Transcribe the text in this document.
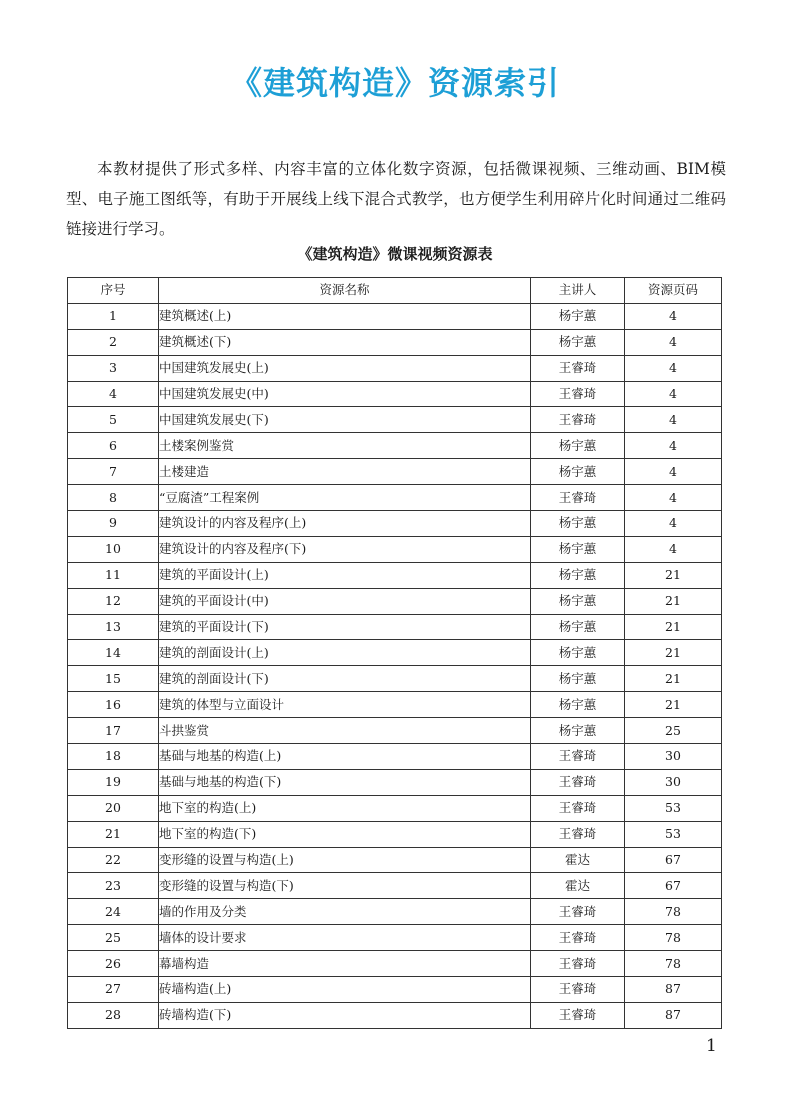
《建筑构造》资源索引

本教材提供了形式多样、内容丰富的立体化数字资源，包括微课视频、三维动画、BIM模型、电子施工图纸等，有助于开展线上线下混合式教学，也方便学生利用碎片化时间通过二维码链接进行学习。

《建筑构造》微课视频资源表
序号	资源名称	主讲人	资源页码
1	建筑概述(上)	杨宇蕙	4
2	建筑概述(下)	杨宇蕙	4
3	中国建筑发展史(上)	王睿琦	4
4	中国建筑发展史(中)	王睿琦	4
5	中国建筑发展史(下)	王睿琦	4
6	土楼案例鉴赏	杨宇蕙	4
7	土楼建造	杨宇蕙	4
8	“豆腐渣”工程案例	王睿琦	4
9	建筑设计的内容及程序(上)	杨宇蕙	4
10	建筑设计的内容及程序(下)	杨宇蕙	4
11	建筑的平面设计(上)	杨宇蕙	21
12	建筑的平面设计(中)	杨宇蕙	21
13	建筑的平面设计(下)	杨宇蕙	21
14	建筑的剖面设计(上)	杨宇蕙	21
15	建筑的剖面设计(下)	杨宇蕙	21
16	建筑的体型与立面设计	杨宇蕙	21
17	斗拱鉴赏	杨宇蕙	25
18	基础与地基的构造(上)	王睿琦	30
19	基础与地基的构造(下)	王睿琦	30
20	地下室的构造(上)	王睿琦	53
21	地下室的构造(下)	王睿琦	53
22	变形缝的设置与构造(上)	霍达	67
23	变形缝的设置与构造(下)	霍达	67
24	墙的作用及分类	王睿琦	78
25	墙体的设计要求	王睿琦	78
26	幕墙构造	王睿琦	78
27	砖墙构造(上)	王睿琦	87
28	砖墙构造(下)	王睿琦	87
1
